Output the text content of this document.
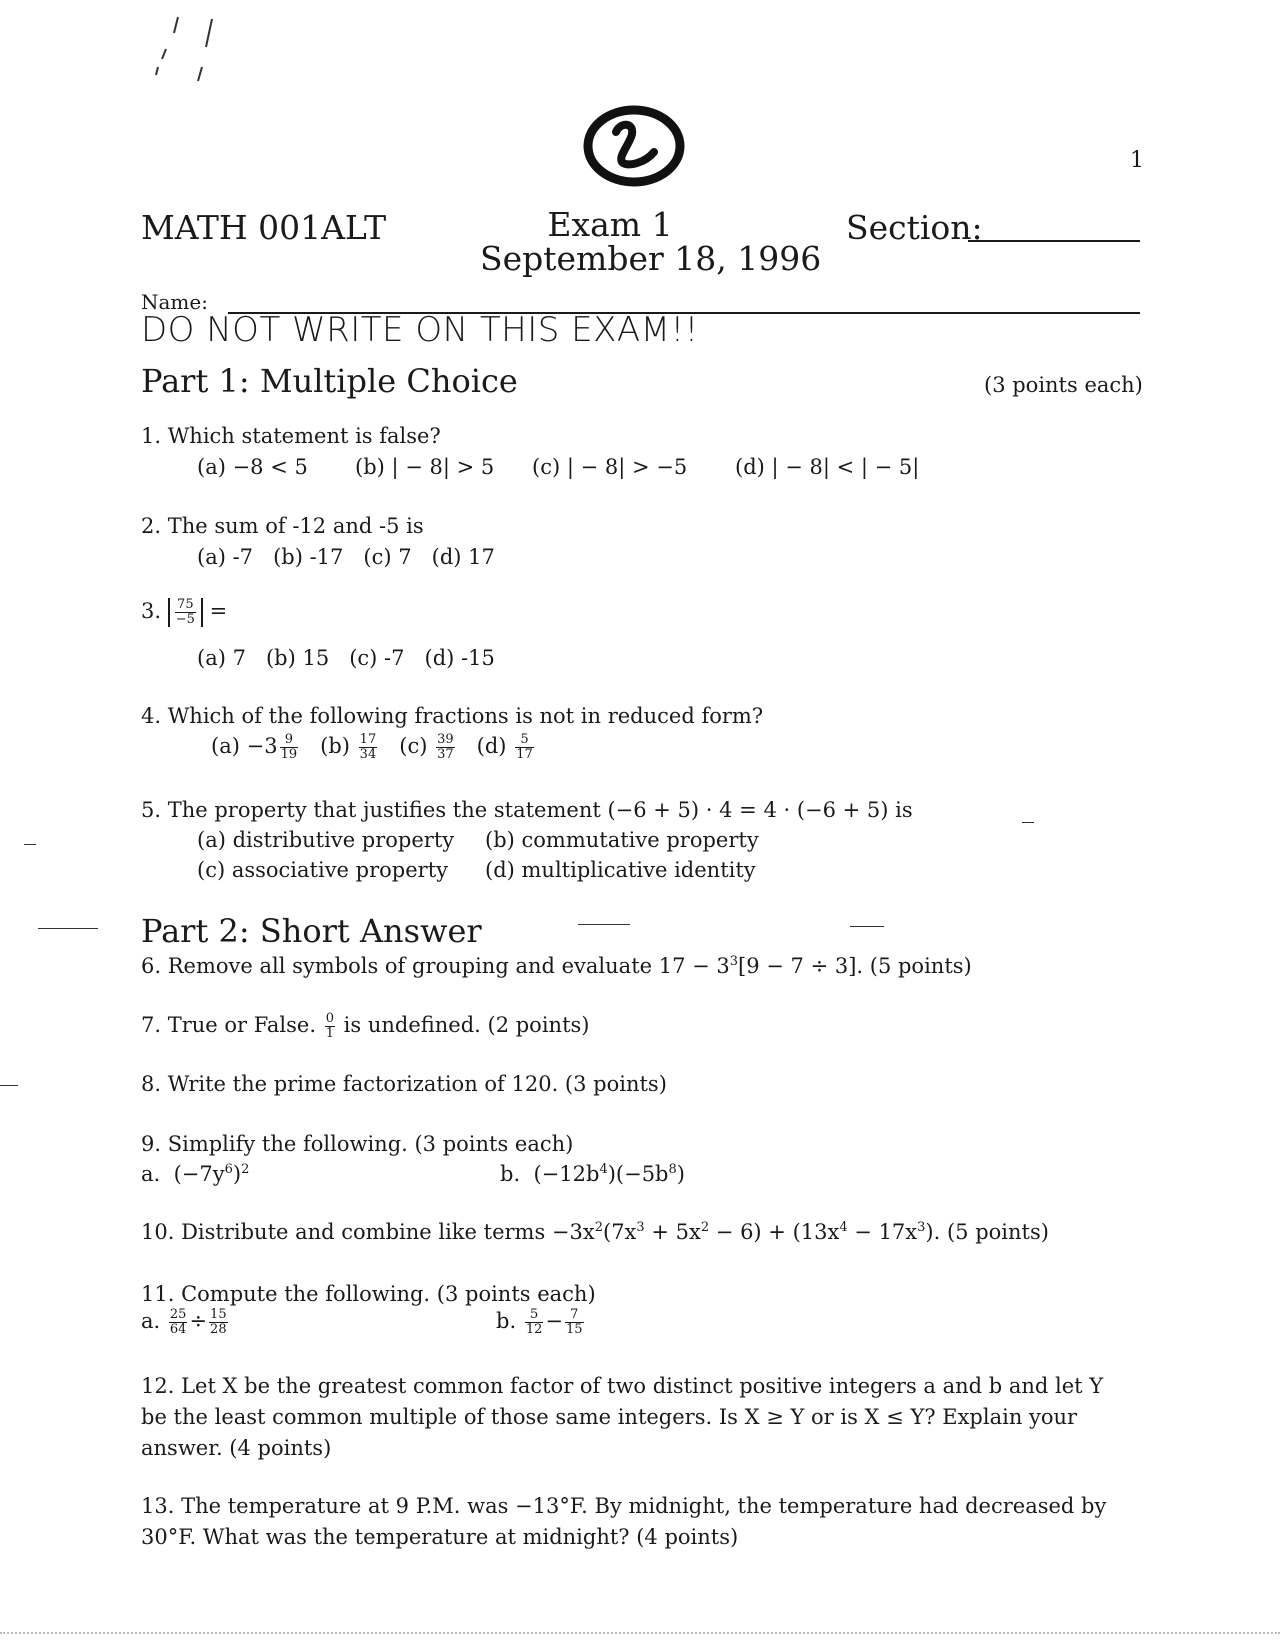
1
MATH 001ALT	Exam 1
September 18, 1996
Section:
Name:
DO NOT WRITE ON THIS EXAM!!
Part 1: Multiple Choice	(3 points each)
1. Which statement is false?
(a) −8 < 5 (b) | − 8| > 5 (c) | − 8| > −5 (d) | − 8| < | − 5|
2. The sum of -12 and -5 is
(a) -7   (b) -17   (c) 7   (d) 17
3. $\frac{75}{-5}$ =
(a) 7   (b) 15   (c) -7   (d) -15
4. Which of the following fractions is not in reduced form?
$(a) -3 \frac{9}{19} (b) \frac{17}{34} (c) \frac{39}{37} (d) \frac{5}{17}$
5. The property that justifies the statement (−6 + 5) · 4 = 4 · (−6 + 5) is
(a) distributive property (b) commutative property
(c) associative property (d) multiplicative identity
Part 2: Short Answer
6. Remove all symbols of grouping and evaluate $17 - 3^3[9 - 7 \div 3]$. (5 points)
7. True or False. $\frac{0}{1}$ is undefined. (2 points)
8. Write the prime factorization of 120. (3 points)
9. Simplify the following. (3 points each)
a. $(-7y^6)^2$	b. $(-12b^4)(-5b^8)$
10. Distribute and combine like terms $-3x^2(7x^3 + 5x^2 - 6) + (13x^4 - 17x^3)$. (5 points)
11. Compute the following. (3 points each)
a. $\frac{25}{64} \div \frac{15}{28}$	b. $\frac{5}{12} - \frac{7}{15}$
12. Let X be the greatest common factor of two distinct positive integers a and b and let Y
be the least common multiple of those same integers. Is X ≥ Y or is X ≤ Y? Explain your
answer. (4 points)
13. The temperature at 9 P.M. was −13°F. By midnight, the temperature had decreased by
30°F. What was the temperature at midnight? (4 points)
